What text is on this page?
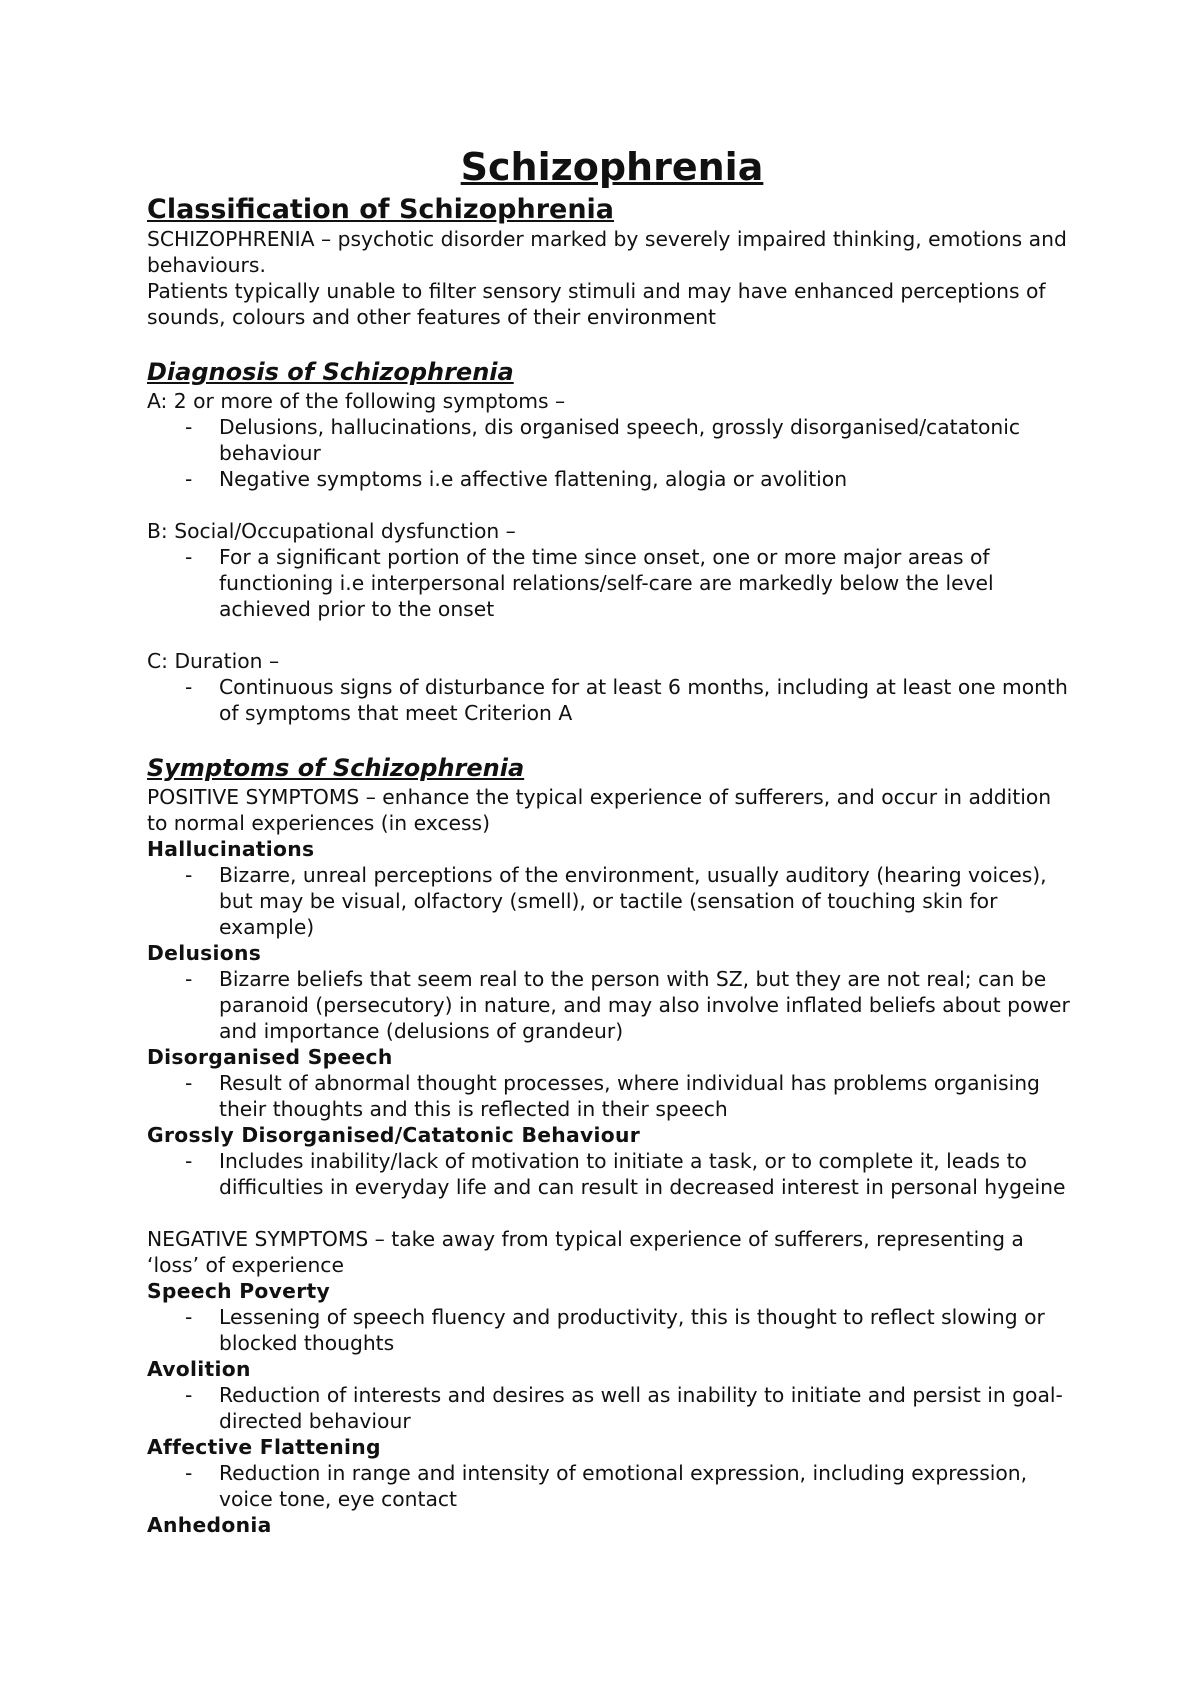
Schizophrenia
Classification of Schizophrenia

SCHIZOPHRENIA – psychotic disorder marked by severely impaired thinking, emotions and behaviours.

Patients typically unable to filter sensory stimuli and may have enhanced perceptions of sounds, colours and other features of their environment

Diagnosis of Schizophrenia

A: 2 or more of the following symptoms –

- Delusions, hallucinations, dis organised speech, grossly disorganised/catatonic behaviour
- Negative symptoms i.e affective flattening, alogia or avolition

B: Social/Occupational dysfunction –

- For a significant portion of the time since onset, one or more major areas of functioning i.e interpersonal relations/self-care are markedly below the level achieved prior to the onset

C: Duration –

- Continuous signs of disturbance for at least 6 months, including at least one month of symptoms that meet Criterion A
Symptoms of Schizophrenia

POSITIVE SYMPTOMS – enhance the typical experience of sufferers, and occur in addition to normal experiences (in excess)

Hallucinations
- Bizarre, unreal perceptions of the environment, usually auditory (hearing voices), but may be visual, olfactory (smell), or tactile (sensation of touching skin for example)
Delusions
- Bizarre beliefs that seem real to the person with SZ, but they are not real; can be paranoid (persecutory) in nature, and may also involve inflated beliefs about power and importance (delusions of grandeur)
Disorganised Speech
- Result of abnormal thought processes, where individual has problems organising their thoughts and this is reflected in their speech
Grossly Disorganised/Catatonic Behaviour
- Includes inability/lack of motivation to initiate a task, or to complete it, leads to difficulties in everyday life and can result in decreased interest in personal hygeine

NEGATIVE SYMPTOMS – take away from typical experience of sufferers, representing a ‘loss’ of experience

Speech Poverty
- Lessening of speech fluency and productivity, this is thought to reflect slowing or blocked thoughts
Avolition
- Reduction of interests and desires as well as inability to initiate and persist in goal-directed behaviour
Affective Flattening
- Reduction in range and intensity of emotional expression, including expression, voice tone, eye contact
Anhedonia
